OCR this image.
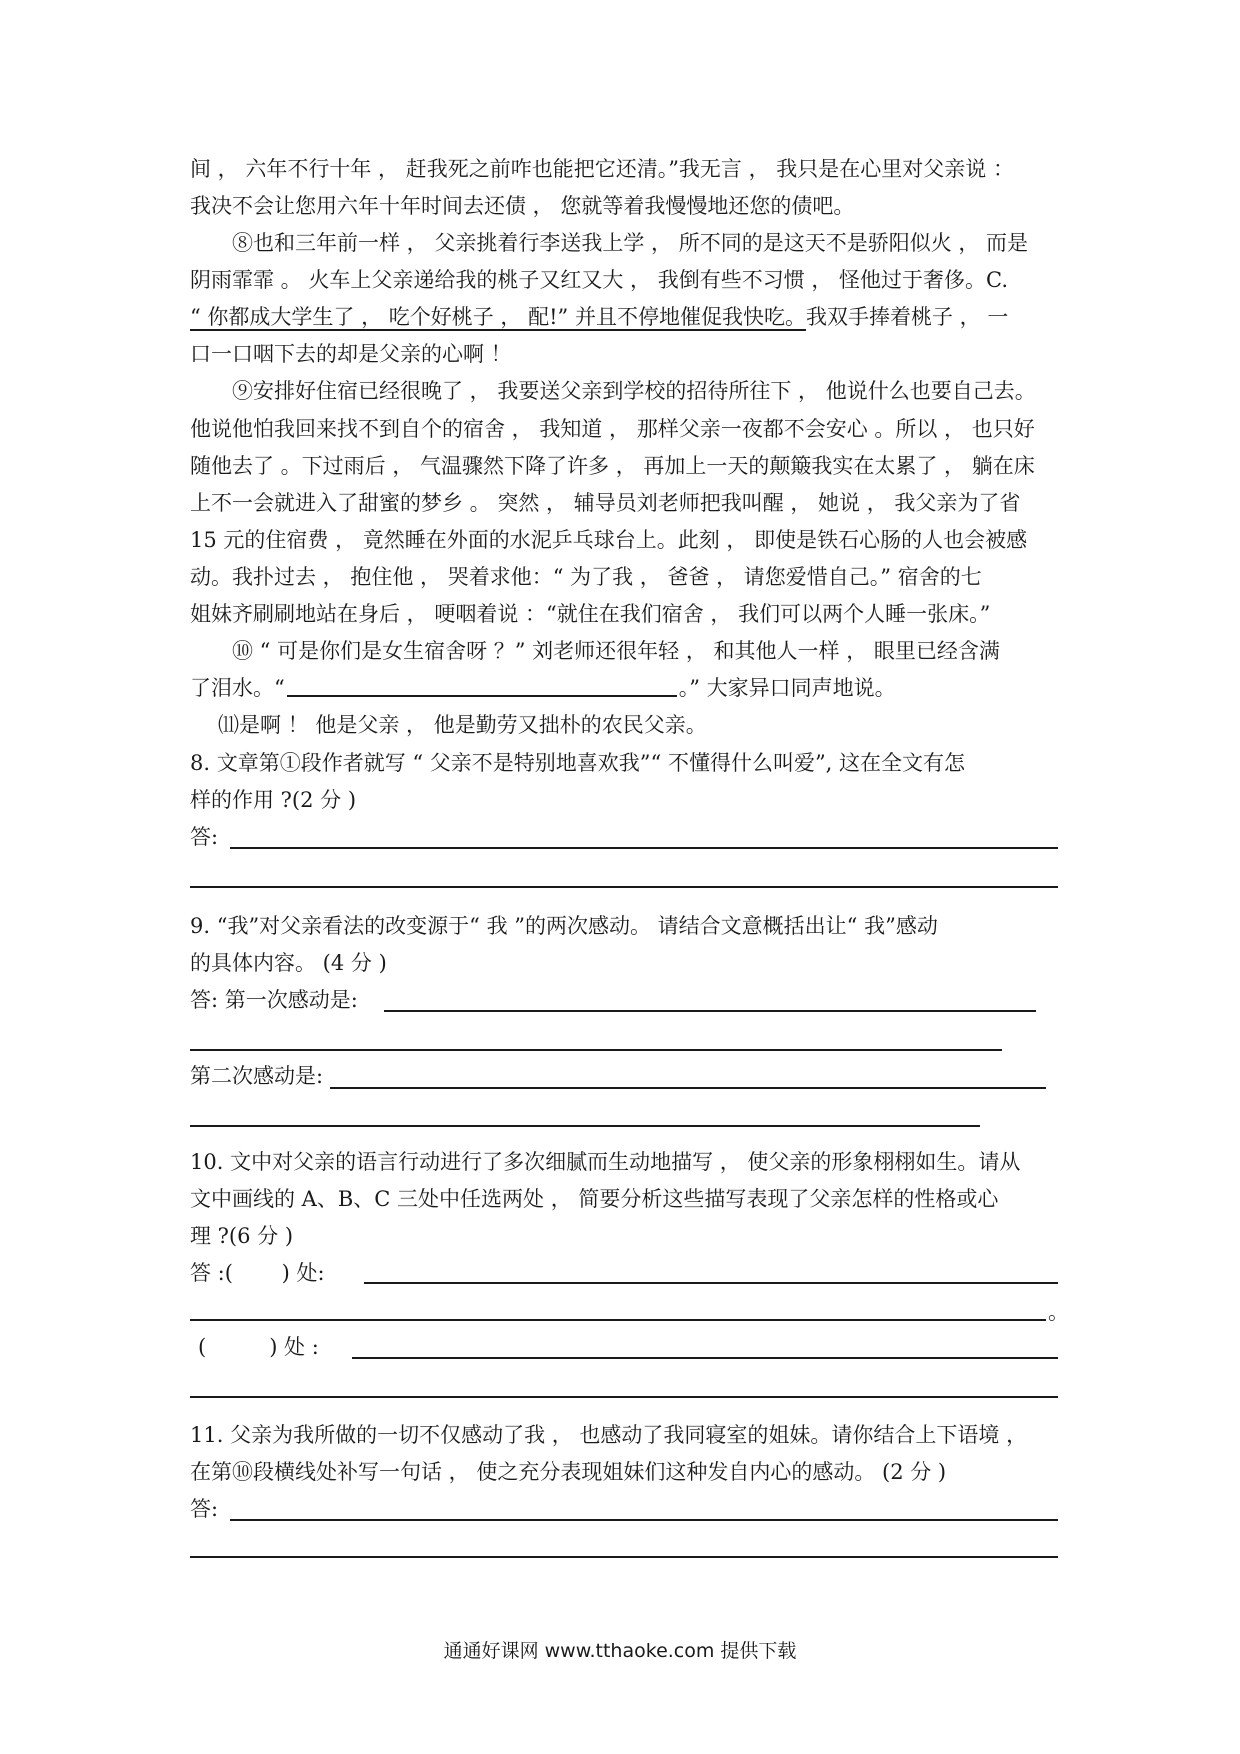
间 ， 六年不行十年 ， 赶我死之前咋也能把它还清。”我无言 ， 我只是在心里对父亲说 ：
我决不会让您用六年十年时间去还债 ， 您就等着我慢慢地还您的债吧。
⑧也和三年前一样 ， 父亲挑着行李送我上学 ， 所不同的是这天不是骄阳似火 ， 而是
阴雨霏霏 。 火车上父亲递给我的桃子又红又大 ， 我倒有些不习惯 ， 怪他过于奢侈。C.
“ 你都成大学生了 ， 吃个好桃子 ， 配!” 并且不停地催促我快吃。我双手捧着桃子 ， 一
口一口咽下去的却是父亲的心啊 ！
⑨安排好住宿已经很晚了 ， 我要送父亲到学校的招待所往下 ， 他说什么也要自己去。
他说他怕我回来找不到自个的宿舍 ， 我知道 ， 那样父亲一夜都不会安心 。所以 ， 也只好
随他去了 。下过雨后 ， 气温骤然下降了许多 ， 再加上一天的颠簸我实在太累了 ， 躺在床
上不一会就进入了甜蜜的梦乡 。 突然 ， 辅导员刘老师把我叫醒 ， 她说 ， 我父亲为了省
15 元的住宿费 ， 竟然睡在外面的水泥乒乓球台上。此刻 ， 即使是铁石心肠的人也会被感
动。我扑过去 ， 抱住他 ， 哭着求他：“ 为了我 ， 爸爸 ， 请您爱惜自己。” 宿舍的七
姐妹齐刷刷地站在身后 ， 哽咽着说 ：“就住在我们宿舍 ， 我们可以两个人睡一张床。”
⑩ “ 可是你们是女生宿舍呀 ？” 刘老师还很年轻 ， 和其他人一样 ， 眼里已经含满
了泪水。“	。” 大家异口同声地说。
⑾是啊 ！ 他是父亲 ， 他是勤劳又拙朴的农民父亲。
8. 文章第①段作者就写 “ 父亲不是特别地喜欢我”“ 不懂得什么叫爱”, 这在全文有怎
样的作用 ?(2 分 )
答:
9. “我”对父亲看法的改变源于“ 我 ”的两次感动。 请结合文意概括出让“ 我”感动
的具体内容。 (4 分 )
答: 第一次感动是:
第二次感动是:
10. 文中对父亲的语言行动进行了多次细腻而生动地描写 ， 使父亲的形象栩栩如生。请从
文中画线的 A、B、C 三处中任选两处 ， 简要分析这些描写表现了父亲怎样的性格或心
理 ?(6 分 )
答 :(　　 ) 处:
。
(　　　) 处 :
11. 父亲为我所做的一切不仅感动了我 ， 也感动了我同寝室的姐妹。请你结合上下语境 ，
在第⑩段横线处补写一句话 ， 使之充分表现姐妹们这种发自内心的感动。 (2 分 )
答:
通通好课网 www.tthaoke.com 提供下载
